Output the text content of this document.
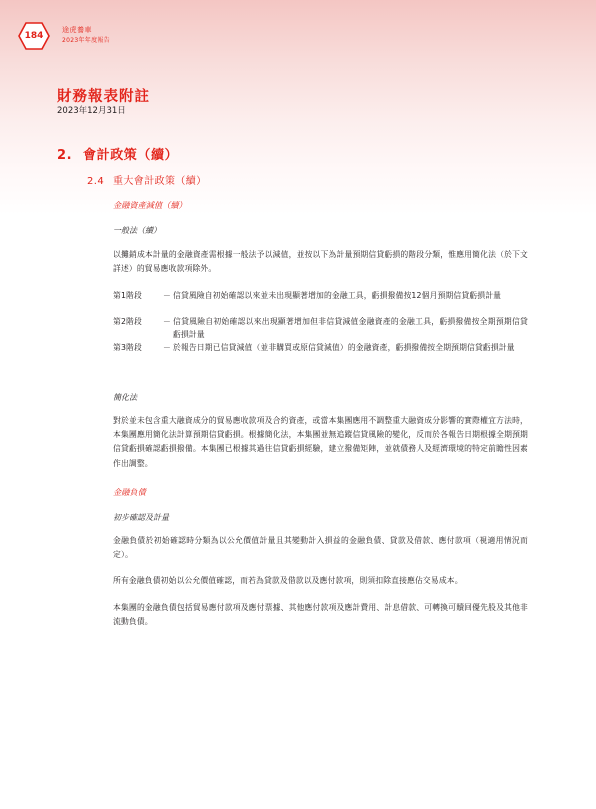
184
途虎養車
2023年年度報告
財務報表附註
2023年12月31日
2. 會計政策（續）
2.4 重大會計政策（續）
金融資產減值（續）
一般法（續）

以攤銷成本計量的金融資產需根據一般法予以減值，並按以下為計量預期信貸虧損的階段分類，惟應用簡化法（於下文詳述）的貿易應收款項除外。

第1階段	－ 信貸風險自初始確認以來並未出現顯著增加的金融工具，虧損撥備按12個月預期信貸虧損計量
第2階段	－ 信貸風險自初始確認以來出現顯著增加但非信貸減值金融資產的金融工具，虧損撥備按全期預期信貸虧損計量
第3階段	－ 於報告日期已信貸減值（並非購買或原信貸減值）的金融資產，虧損撥備按全期預期信貸虧損計量
簡化法

對於並未包含重大融資成分的貿易應收款項及合約資產，或當本集團應用不調整重大融資成分影響的實際權宜方法時，本集團應用簡化法計算預期信貸虧損。根據簡化法，本集團並無追蹤信貸風險的變化，反而於各報告日期根據全期預期信貸虧損確認虧損撥備。本集團已根據其過往信貸虧損經驗，建立撥備矩陣，並就債務人及經濟環境的特定前瞻性因素作出調整。

金融負債
初步確認及計量

金融負債於初始確認時分類為以公允價值計量且其變動計入損益的金融負債、貸款及借款、應付款項（視適用情況而定）。

所有金融負債初始以公允價值確認，而若為貸款及借款以及應付款項，則須扣除直接應佔交易成本。

本集團的金融負債包括貿易應付款項及應付票據、其他應付款項及應計費用、計息借款、可轉換可贖回優先股及其他非流動負債。
